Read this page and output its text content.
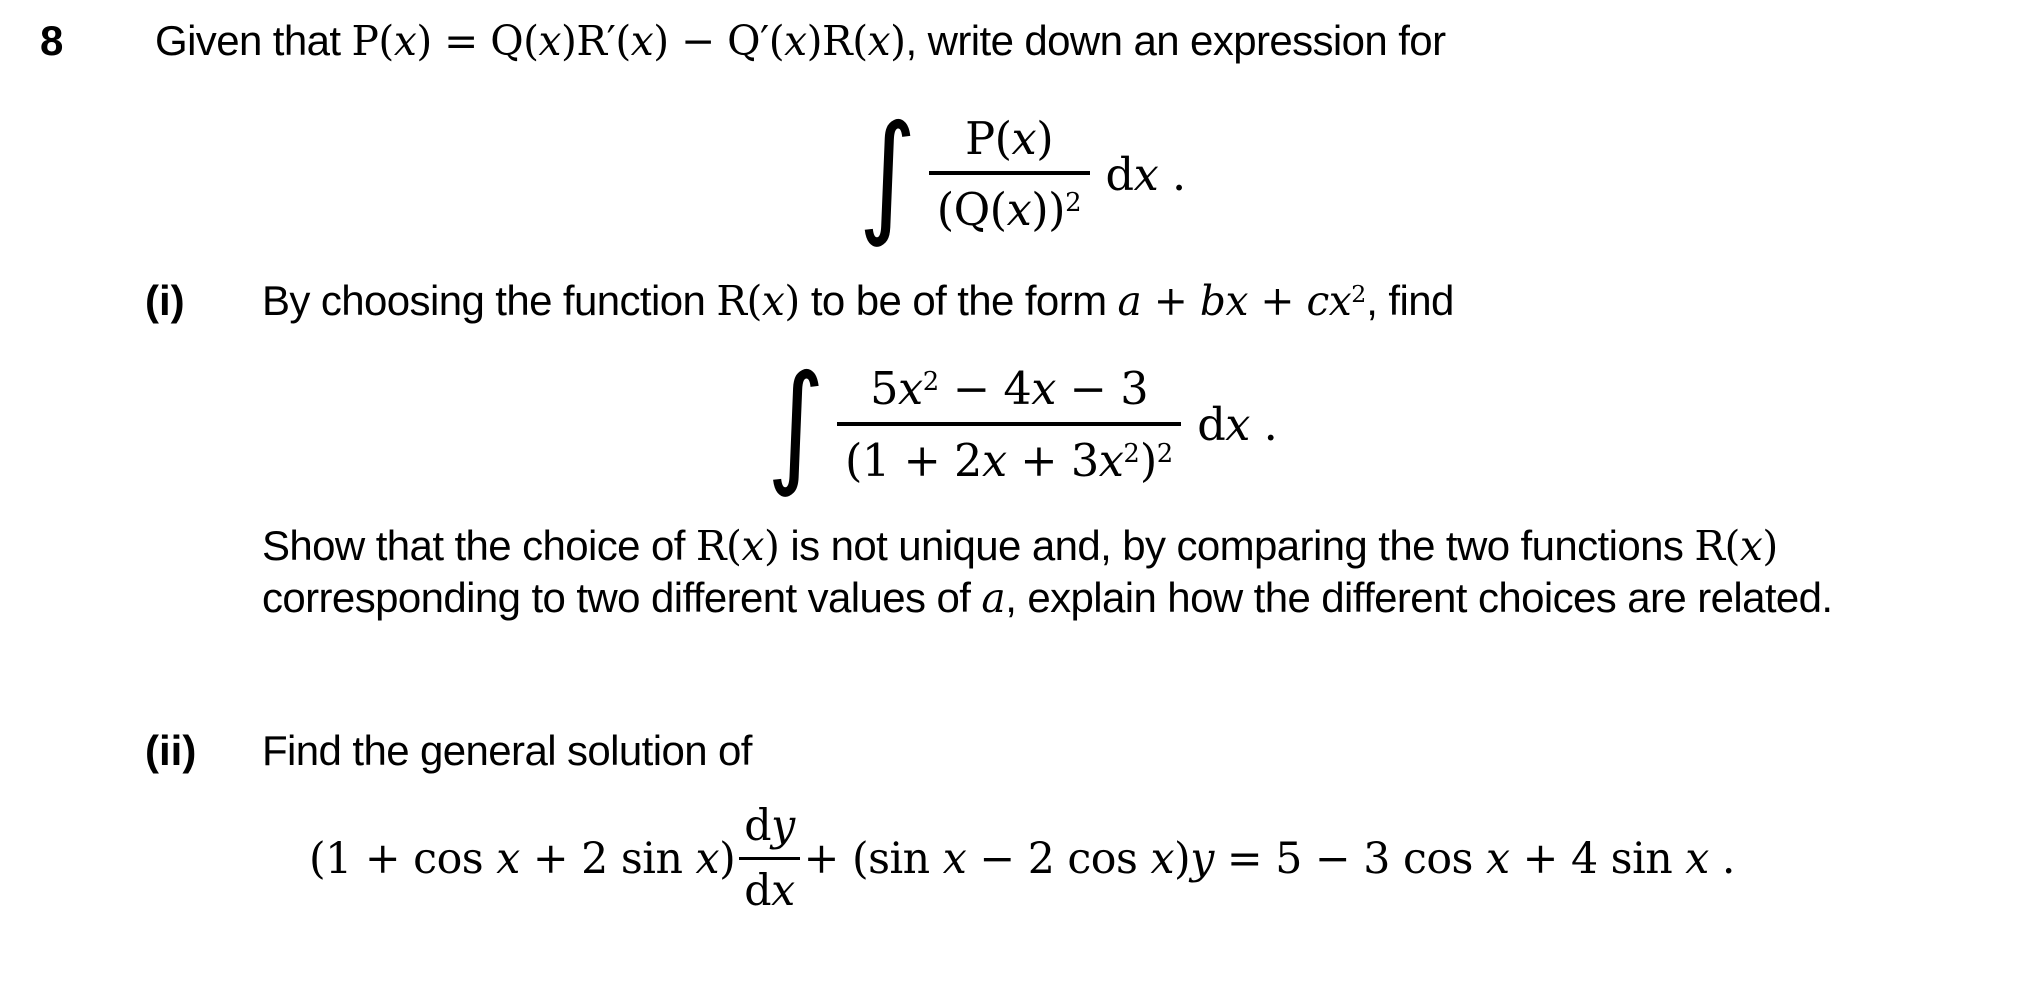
8	Given that P(x) = Q(x)R′(x) − Q′(x)R(x), write down an expression for
∫ $\frac{P(x)}{(Q(x))^2}$ dx .
(i)	By choosing the function R(x) to be of the form a + bx + $cx^2$, find
∫ $\frac{5x^2 - 4x - 3}{(1 + 2x + 3x^2)^2}$ dx .
Show that the choice of R(x) is not unique and, by comparing the two functions R(x)
corresponding to two different values of a, explain how the different choices are related.
(ii)	Find the general solution of
(1 + cos x + 2 $\sin x) \frac{dy}{dx} + (\sin$ x − 2 cos x)y = 5 − 3 cos x + 4 sin x .
